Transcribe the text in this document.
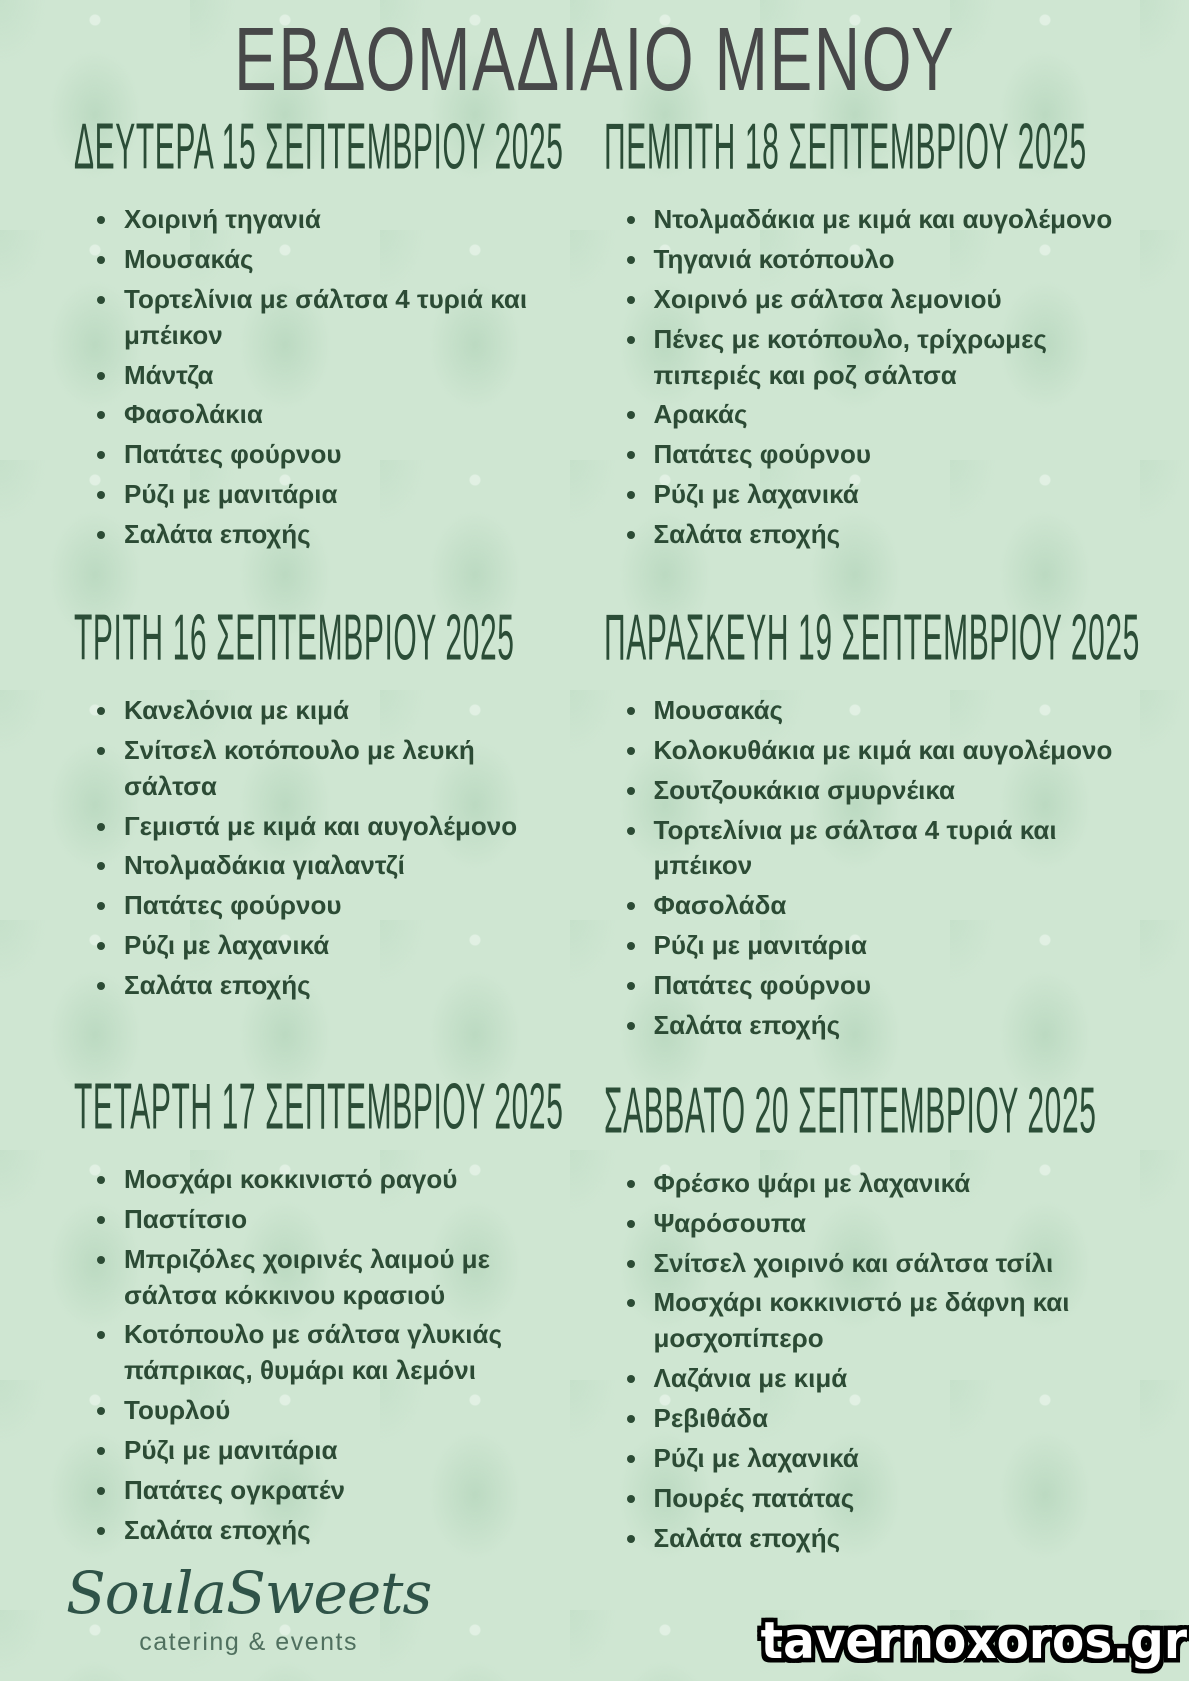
ΕΒΔΟΜΑΔΙΑΙΟ ΜΕΝΟΥ
ΔΕΥΤΕΡΑ 15 ΣΕΠΤΕΜΒΡΙΟΥ 2025
• Χοιρινή τηγανιά
• Μουσακάς
• Τορτελίνια με σάλτσα 4 τυριά και μπέικον
• Μάντζα
• Φασολάκια
• Πατάτες φούρνου
• Ρύζι με μανιτάρια
• Σαλάτα εποχής
ΤΡΙΤΗ 16 ΣΕΠΤΕΜΒΡΙΟΥ 2025
• Κανελόνια με κιμά
• Σνίτσελ κοτόπουλο με λευκή σάλτσα
• Γεμιστά με κιμά και αυγολέμονο
• Ντολμαδάκια γιαλαντζί
• Πατάτες φούρνου
• Ρύζι με λαχανικά
• Σαλάτα εποχής
ΤΕΤΑΡΤΗ 17 ΣΕΠΤΕΜΒΡΙΟΥ 2025
• Μοσχάρι κοκκινιστό ραγού
• Παστίτσιο
• Μπριζόλες χοιρινές λαιμού με σάλτσα κόκκινου κρασιού
• Κοτόπουλο με σάλτσα γλυκιάς πάπρικας, θυμάρι και λεμόνι
• Τουρλού
• Ρύζι με μανιτάρια
• Πατάτες ογκρατέν
• Σαλάτα εποχής
ΠΕΜΠΤΗ 18 ΣΕΠΤΕΜΒΡΙΟΥ 2025
• Ντολμαδάκια με κιμά και αυγολέμονο
• Τηγανιά κοτόπουλο
• Χοιρινό με σάλτσα λεμονιού
• Πένες με κοτόπουλο, τρίχρωμες πιπεριές και ροζ σάλτσα
• Αρακάς
• Πατάτες φούρνου
• Ρύζι με λαχανικά
• Σαλάτα εποχής
ΠΑΡΑΣΚΕΥΗ 19 ΣΕΠΤΕΜΒΡΙΟΥ 2025
• Μουσακάς
• Κολοκυθάκια με κιμά και αυγολέμονο
• Σουτζουκάκια σμυρνέικα
• Τορτελίνια με σάλτσα 4 τυριά και μπέικον
• Φασολάδα
• Ρύζι με μανιτάρια
• Πατάτες φούρνου
• Σαλάτα εποχής
ΣΑΒΒΑΤΟ 20 ΣΕΠΤΕΜΒΡΙΟΥ 2025
• Φρέσκο ψάρι με λαχανικά
• Ψαρόσουπα
• Σνίτσελ χοιρινό και σάλτσα τσίλι
• Μοσχάρι κοκκινιστό με δάφνη και μοσχοπίπερο
• Λαζάνια με κιμά
• Ρεβιθάδα
• Ρύζι με λαχανικά
• Πουρές πατάτας
• Σαλάτα εποχής
SoulaSweets
catering & events	tavernoxoros.gr
